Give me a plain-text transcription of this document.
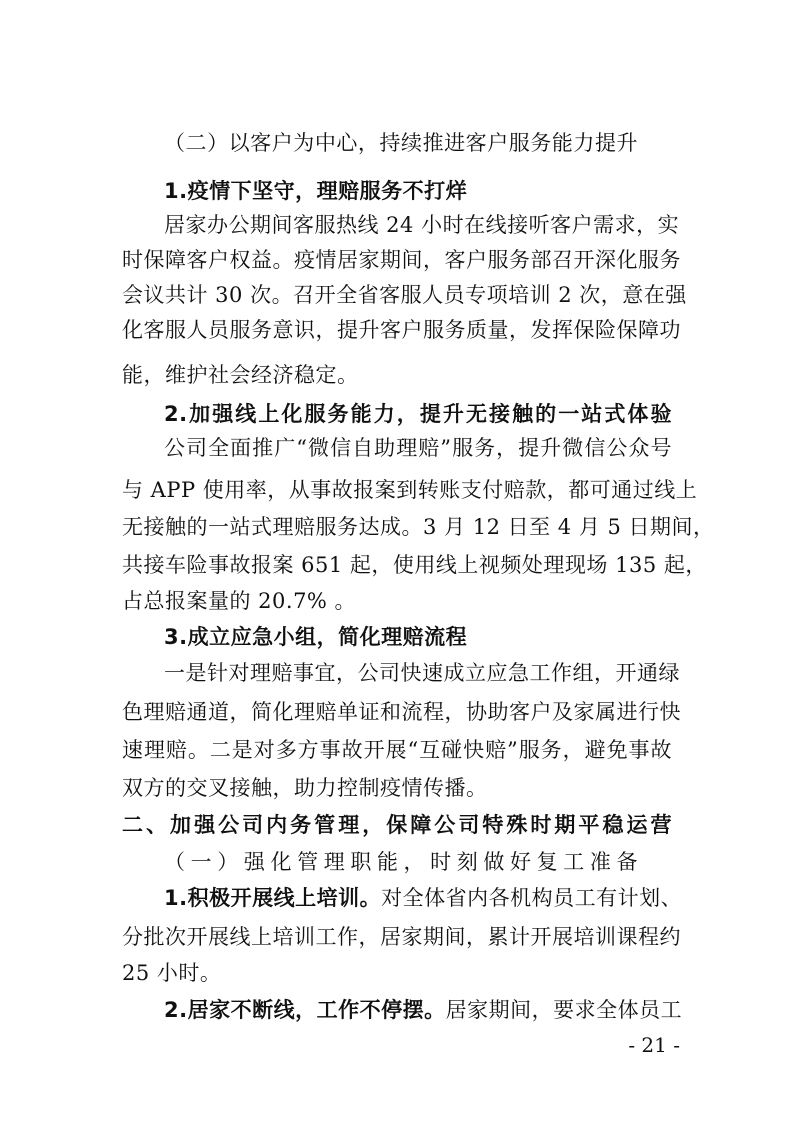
（二）以客户为中心，持续推进客户服务能力提升
1.疫情下坚守，理赔服务不打烊
居家办公期间客服热线 24 小时在线接听客户需求，实
时保障客户权益。疫情居家期间，客户服务部召开深化服务
会议共计 30 次。召开全省客服人员专项培训 2 次，意在强
化客服人员服务意识，提升客户服务质量，发挥保险保障功
能，维护社会经济稳定。
2.加强线上化服务能力，提升无接触的一站式体验
公司全面推广“微信自助理赔”服务，提升微信公众号
与 APP 使用率，从事故报案到转账支付赔款，都可通过线上
无接触的一站式理赔服务达成。3 月 12 日至 4 月 5 日期间，
共接车险事故报案 651 起，使用线上视频处理现场 135 起，
占总报案量的 20.7% 。
3.成立应急小组，简化理赔流程
一是针对理赔事宜，公司快速成立应急工作组，开通绿
色理赔通道，简化理赔单证和流程，协助客户及家属进行快
速理赔。二是对多方事故开展“互碰快赔”服务，避免事故
双方的交叉接触，助力控制疫情传播。
二、加强公司内务管理，保障公司特殊时期平稳运营
（一）强化管理职能，时刻做好复工准备
1.积极开展线上培训。对全体省内各机构员工有计划、
分批次开展线上培训工作，居家期间，累计开展培训课程约
25 小时。
2.居家不断线，工作不停摆。居家期间，要求全体员工
- 21 -
